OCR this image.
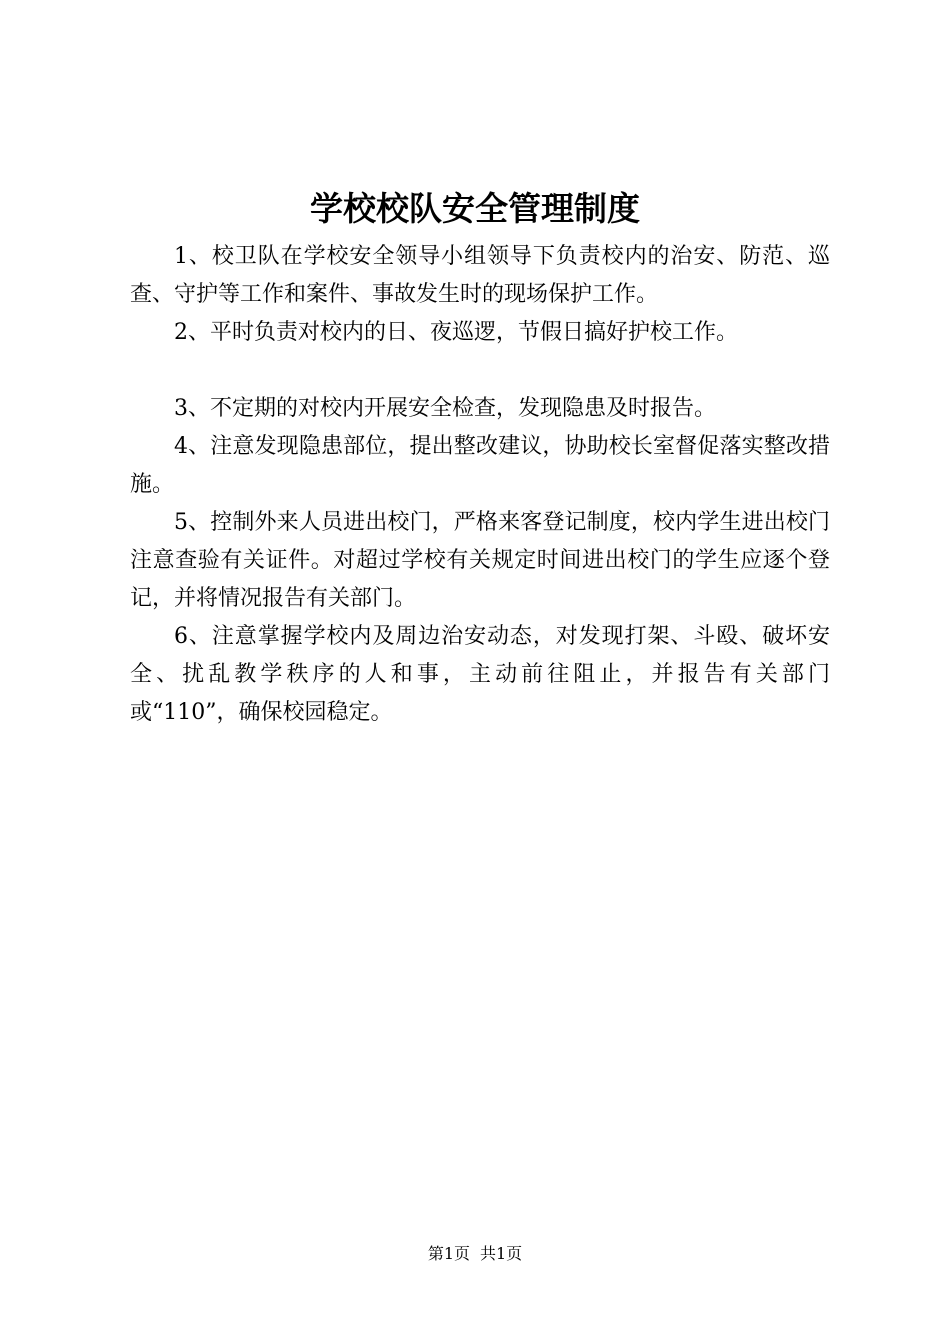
学校校队安全管理制度

1、校卫队在学校安全领导小组领导下负责校内的治安、防范、巡查、守护等工作和案件、事故发生时的现场保护工作。

2、平时负责对校内的日、夜巡逻，节假日搞好护校工作。

3、不定期的对校内开展安全检查，发现隐患及时报告。

4、注意发现隐患部位，提出整改建议，协助校长室督促落实整改措施。

5、控制外来人员进出校门，严格来客登记制度，校内学生进出校门注意查验有关证件。对超过学校有关规定时间进出校门的学生应逐个登记，并将情况报告有关部门。

6、注意掌握学校内及周边治安动态，对发现打架、斗殴、破坏安全、扰乱教学秩序的人和事，主动前往阻止，并报告有关部门或“110”，确保校园稳定。

第1页 共1页
